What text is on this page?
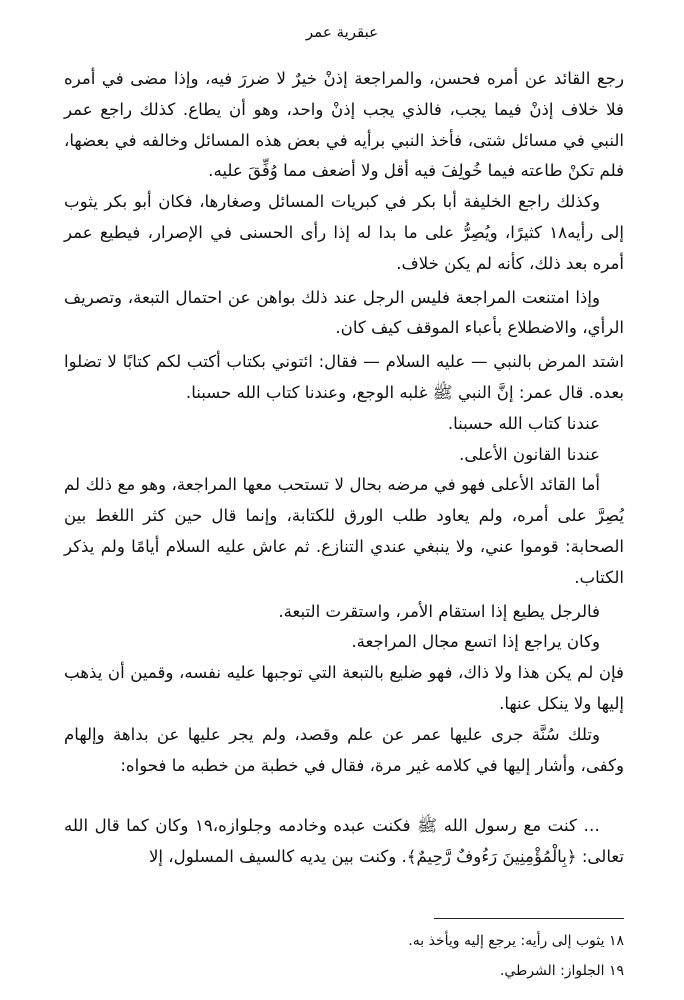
عبقرية عمر

رجع القائد عن أمره فحسن، والمراجعة إذنْ خيرٌ لا ضررَ فيه، وإذا مضى في أمره فلا خلاف إذنْ فيما يجب، فالذي يجب إذنْ واحد، وهو أن يطاع. كذلك راجع عمر النبي في مسائل شتى، فأخذ النبي برأيه في بعض هذه المسائل وخالفه في بعضها، فلم تكنْ طاعته فيما خُولِفَ فيه أقل ولا أضعف مما وُفِّقَ عليه.

وكذلك راجع الخليفة أبا بكر في كبريات المسائل وصغارها، فكان أبو بكر يثوب إلى رأيه١٨ كثيرًا، ويُصِرُّ على ما بدا له إذا رأى الحسنى في الإصرار، فيطيع عمر أمره بعد ذلك، كأنه لم يكن خلاف.

وإذا امتنعت المراجعة فليس الرجل عند ذلك بواهن عن احتمال التبعة، وتصريف الرأي، والاضطلاع بأعباء الموقف كيف كان.

اشتد المرض بالنبي — عليه السلام — فقال: ائتوني بكتاب أكتب لكم كتابًا لا تضلوا بعده. قال عمر: إنَّ النبي ﷺ غلبه الوجع، وعندنا كتاب الله حسبنا.

عندنا كتاب الله حسبنا.

عندنا القانون الأعلى.

أما القائد الأعلى فهو في مرضه بحال لا تستحب معها المراجعة، وهو مع ذلك لم يُصِرَّ على أمره، ولم يعاود طلب الورق للكتابة، وإنما قال حين كثر اللغط بين الصحابة: قوموا عني، ولا ينبغي عندي التنازع. ثم عاش عليه السلام أيامًا ولم يذكر الكتاب.

فالرجل يطيع إذا استقام الأمر، واستقرت التبعة.

وكان يراجع إذا اتسع مجال المراجعة.

فإن لم يكن هذا ولا ذاك، فهو ضليع بالتبعة التي توجبها عليه نفسه، وقمين أن يذهب إليها ولا ينكل عنها.

وتلك سُنَّة جرى عليها عمر عن علم وقصد، ولم يجر عليها عن بداهة وإلهام وكفى، وأشار إليها في كلامه غير مرة، فقال في خطبة من خطبه ما فحواه:

… كنت مع رسول الله ﷺ فكنت عبده وخادمه وجلوازه،١٩ وكان كما قال الله تعالى: ﴿بِالْمُؤْمِنِينَ رَءُوفٌ رَّحِيمٌ﴾. وكنت بين يديه كالسيف المسلول، إلا

١٨ يثوب إلى رأيه: يرجع إليه ويأخذ به.

١٩ الجلواز: الشرطي.
